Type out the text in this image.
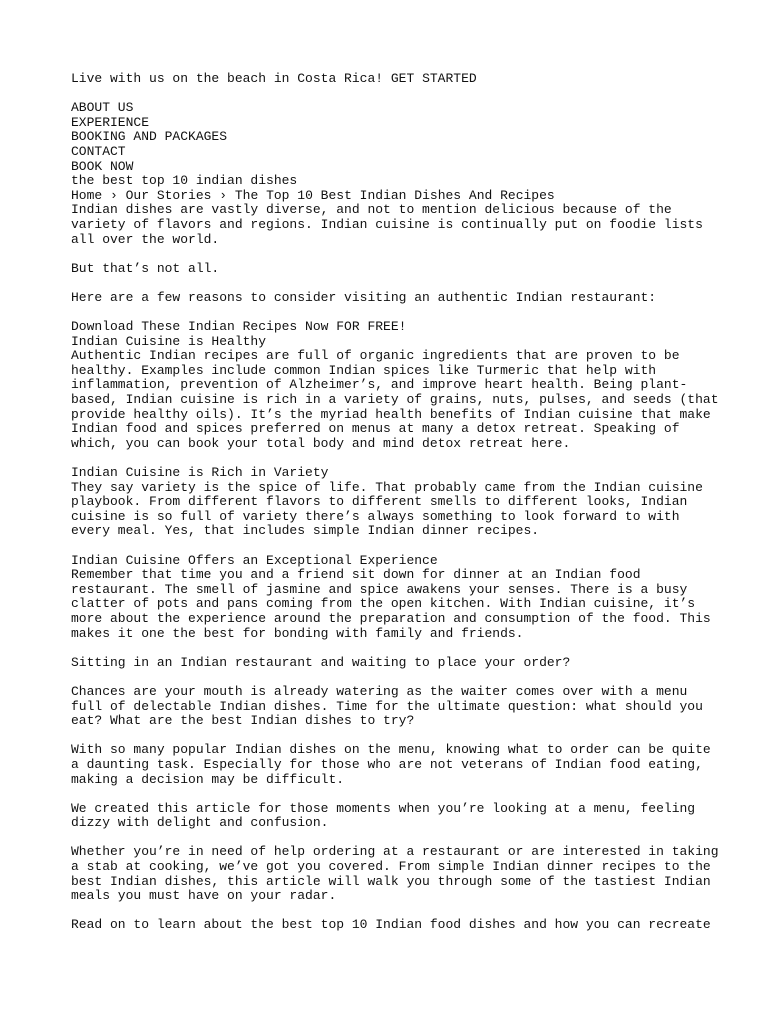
Live with us on the beach in Costa Rica! GET STARTED
ABOUT US
EXPERIENCE
BOOKING AND PACKAGES
CONTACT
BOOK NOW
the best top 10 indian dishes
Home › Our Stories › The Top 10 Best Indian Dishes And Recipes
Indian dishes are vastly diverse, and not to mention delicious because of the
variety of flavors and regions. Indian cuisine is continually put on foodie lists
all over the world.
But that’s not all.
Here are a few reasons to consider visiting an authentic Indian restaurant:
Download These Indian Recipes Now FOR FREE!
Indian Cuisine is Healthy
Authentic Indian recipes are full of organic ingredients that are proven to be
healthy. Examples include common Indian spices like Turmeric that help with
inflammation, prevention of Alzheimer’s, and improve heart health. Being plant-
based, Indian cuisine is rich in a variety of grains, nuts, pulses, and seeds (that
provide healthy oils). It’s the myriad health benefits of Indian cuisine that make
Indian food and spices preferred on menus at many a detox retreat. Speaking of
which, you can book your total body and mind detox retreat here.
Indian Cuisine is Rich in Variety
They say variety is the spice of life. That probably came from the Indian cuisine
playbook. From different flavors to different smells to different looks, Indian
cuisine is so full of variety there’s always something to look forward to with
every meal. Yes, that includes simple Indian dinner recipes.
Indian Cuisine Offers an Exceptional Experience
Remember that time you and a friend sit down for dinner at an Indian food
restaurant. The smell of jasmine and spice awakens your senses. There is a busy
clatter of pots and pans coming from the open kitchen. With Indian cuisine, it’s
more about the experience around the preparation and consumption of the food. This
makes it one the best for bonding with family and friends.
Sitting in an Indian restaurant and waiting to place your order?
Chances are your mouth is already watering as the waiter comes over with a menu
full of delectable Indian dishes. Time for the ultimate question: what should you
eat? What are the best Indian dishes to try?
With so many popular Indian dishes on the menu, knowing what to order can be quite
a daunting task. Especially for those who are not veterans of Indian food eating,
making a decision may be difficult.
We created this article for those moments when you’re looking at a menu, feeling
dizzy with delight and confusion.
Whether you’re in need of help ordering at a restaurant or are interested in taking
a stab at cooking, we’ve got you covered. From simple Indian dinner recipes to the
best Indian dishes, this article will walk you through some of the tastiest Indian
meals you must have on your radar.
Read on to learn about the best top 10 Indian food dishes and how you can recreate
